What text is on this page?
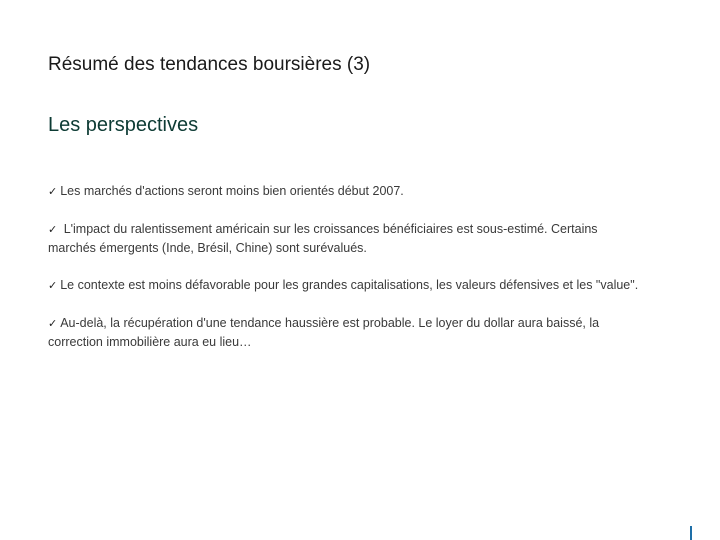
Résumé des tendances boursières (3)
Les perspectives
✓ Les marchés d'actions seront moins bien orientés début 2007.
✓ L'impact du ralentissement américain sur les croissances bénéficiaires est sous-estimé. Certains marchés émergents (Inde, Brésil, Chine) sont surévalués.
✓ Le contexte est moins défavorable pour les grandes capitalisations, les valeurs défensives et les "value".
✓ Au-delà, la récupération d'une tendance haussière est probable. Le loyer du dollar aura baissé, la correction immobilière aura eu lieu…
